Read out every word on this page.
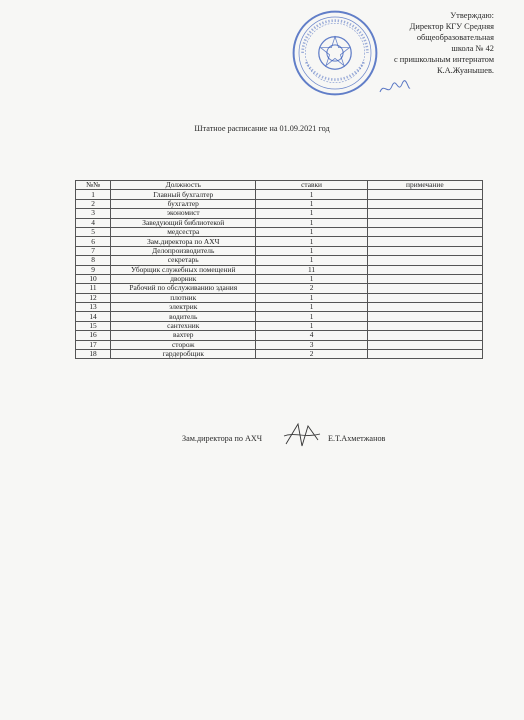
Утверждаю:
Директор КГУ Средняя
общеобразовательная
школа № 42
с пришкольным интернатом
К.А.Жуанышев.
Штатное расписание на 01.09.2021 год
№№	Должность	ставки	примечание
1	Главный бухгалтер	1	
2	бухгалтер	1	
3	экономист	1	
4	Заведующий библиотекой	1	
5	медсестра	1	
6	Зам.директора по АХЧ	1	
7	Делопроизводитель	1	
8	секретарь	1	
9	Уборщик служебных помещений	11	
10	дворник	1	
11	Рабочий по обслуживанию здания	2	
12	плотник	1	
13	электрик	1	
14	водитель	1	
15	сантехник	1	
16	вахтер	4	
17	сторож	3	
18	гардеробщик	2	
Зам.директора по АХЧ	Е.Т.Ахметжанов
